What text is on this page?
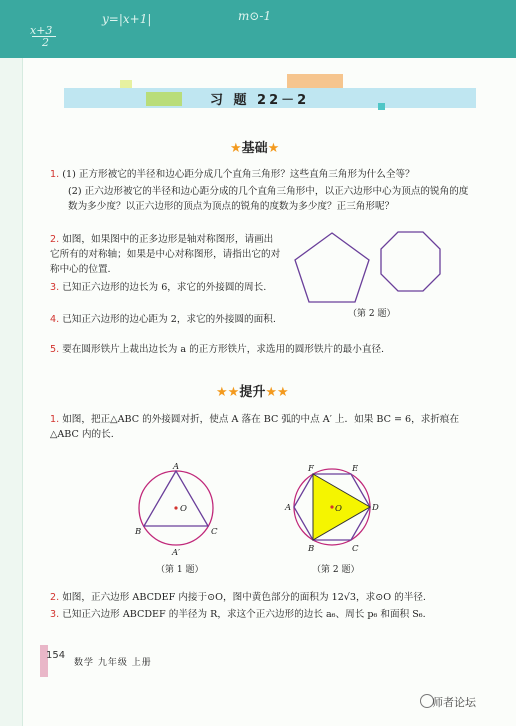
x+3
2
y=|x+1|	m⊙-1
习 题 22－2
★基础★
1. (1) 正方形被它的半径和边心距分成几个直角三角形？这些直角三角形为什么全等？
(2) 正六边形被它的半径和边心距分成的几个直角三角形中，以正六边形中心为顶点的锐角的度数为多少度？以正六边形的顶点为顶点的锐角的度数为多少度？正三角形呢？
2. 如图，如果图中的正多边形是轴对称图形，请画出它所有的对称轴；如果是中心对称图形，请指出它的对称中心的位置.
3. 已知正六边形的边长为 6，求它的外接圆的周长.
4. 已知正六边形的边心距为 2，求它的外接圆的面积.
5. 要在圆形铁片上裁出边长为 a 的正方形铁片，求选用的圆形铁片的最小直径.
（第 2 题）
★★提升★★
1. 如图，把正△ABC 的外接圆对折，使点 A 落在 BC 弧的中点 A′ 上．如果 BC = 6，求折痕在△ABC 内的长.
A
B	C
O
A′
（第 1 题）
F	E
D
A
B	C
O
（第 2 题）
2. 如图，正六边形 ABCDEF 内接于⊙O，图中黄色部分的面积为 12√3，求⊙O 的半径.
3. 已知正六边形 ABCDEF 的半径为 R，求这个正六边形的边长 a₆、周长 p₆ 和面积 S₆.
154
数学 九年级 上册
师者论坛
